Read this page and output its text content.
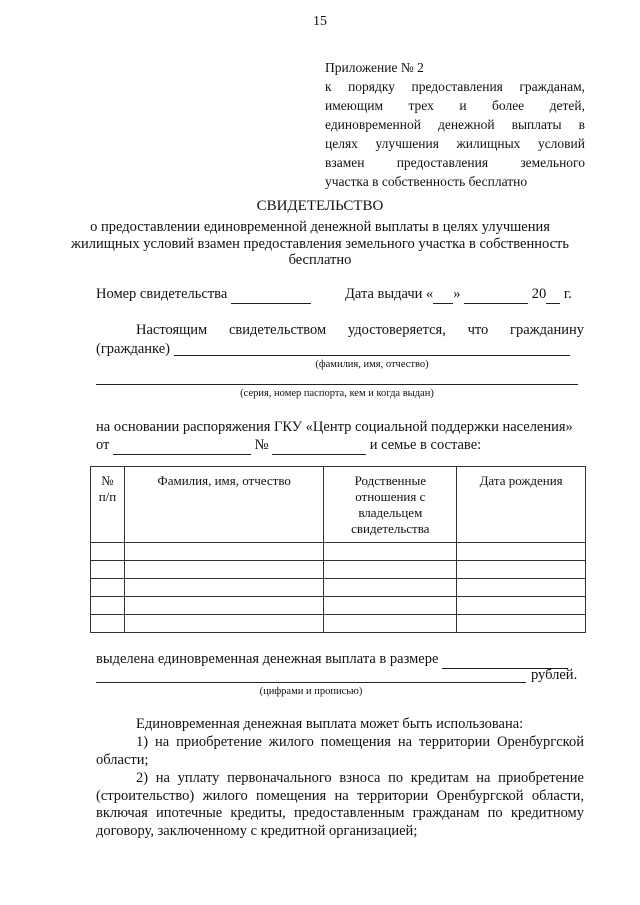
15
Приложение № 2
к порядку предоставления гражданам,
имеющим трех и более детей,
единовременной денежной выплаты в
целях улучшения жилищных условий
взамен предоставления земельного
участка в собственность бесплатно
СВИДЕТЕЛЬСТВО
о предоставлении единовременной денежной выплаты в целях улучшения жилищных условий взамен предоставления земельного участка в собственность бесплатно
Номер свидетельства	Дата выдачи « »	20 г.
Настоящим свидетельством удостоверяется, что гражданину
(гражданке)
(фамилия, имя, отчество)
(серия, номер паспорта, кем и когда выдан)
на основании распоряжения ГКУ «Центр социальной поддержки населения»
от	№	и семье в составе:
№ п/п	Фамилия, имя, отчество	Родственные отношения с владельцем свидетельства	Дата рождения

выделена единовременная денежная выплата в размере
рублей.
(цифрами и прописью)
Единовременная денежная выплата может быть использована:
1) на приобретение жилого помещения на территории Оренбургской области;
2) на уплату первоначального взноса по кредитам на приобретение (строительство) жилого помещения на территории Оренбургской области, включая ипотечные кредиты, предоставленным гражданам по кредитному договору, заключенному с кредитной организацией;
